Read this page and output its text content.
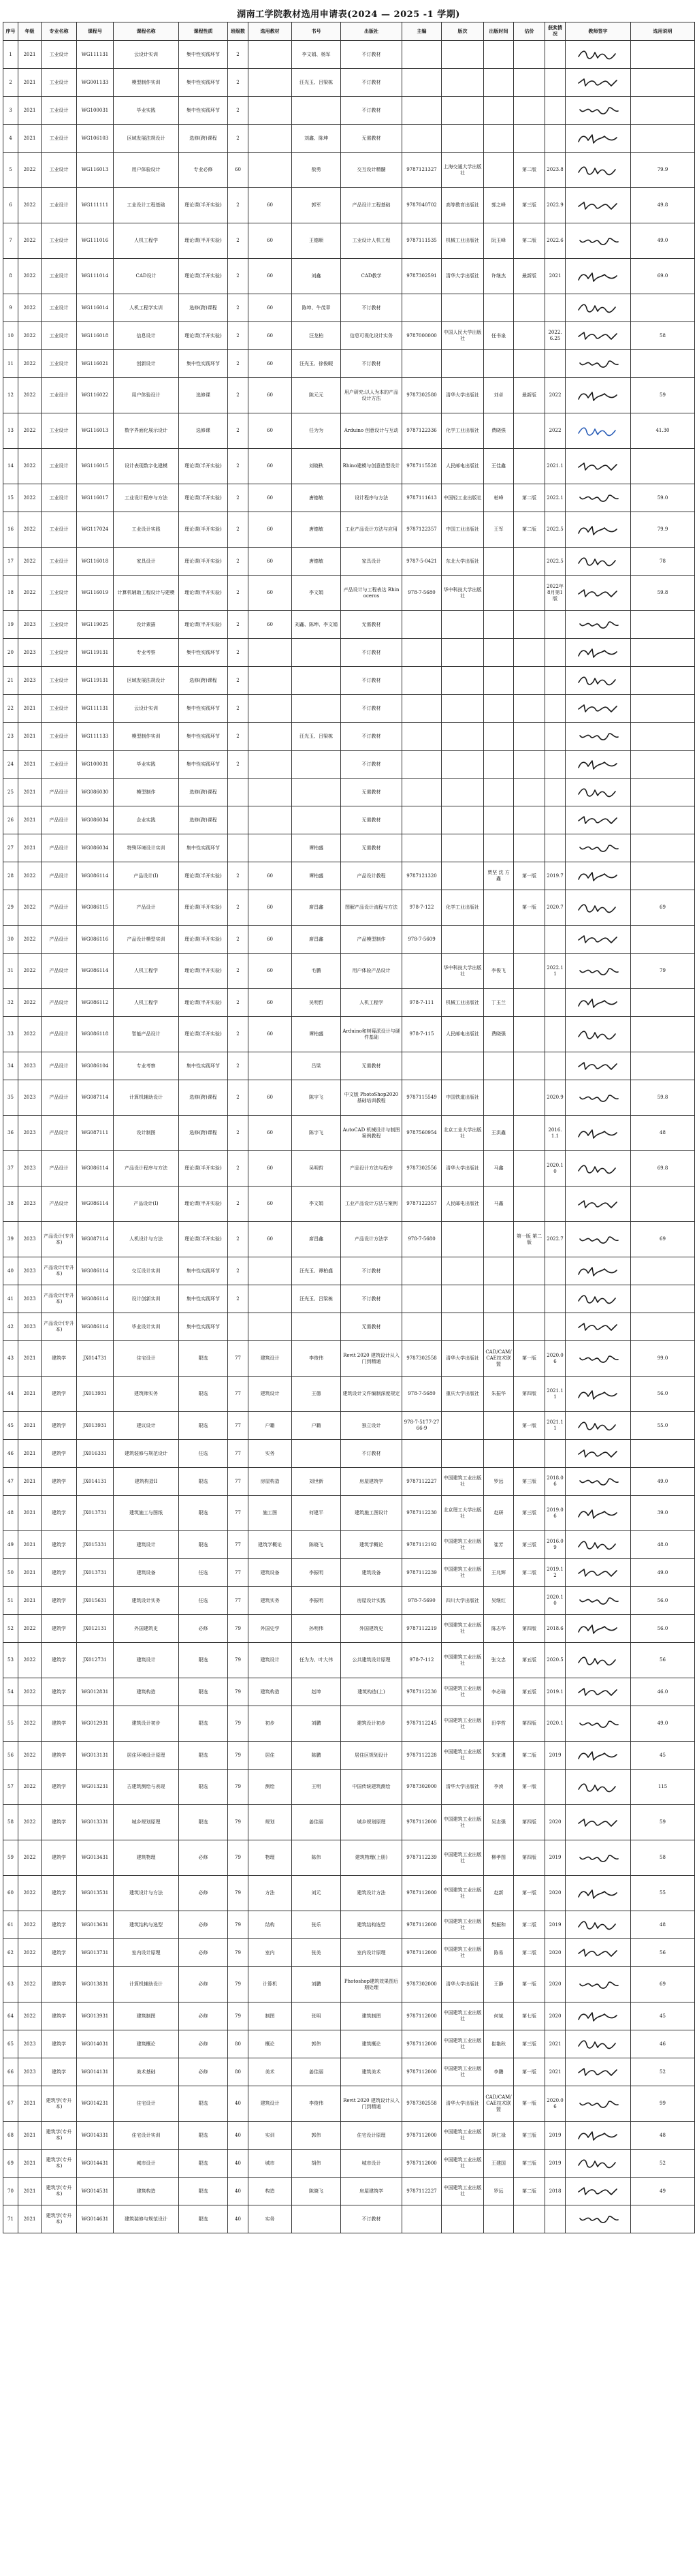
湖南工学院教材选用申请表(2024 — 2025 -1 学期)
序号	年级	专业名称	课程号	课程名称	课程性质	班级数	选用教材	书号	出版社	主编	版次	出版时间	估价	获奖情况	教师签字	选用说明
1	2021	工业设计	WG111131	云设计实训	集中性实践环节	2		李文娟、杨军	不订教材						

2	2021	工业设计	WG001133	模型制作实训	集中性实践环节	2		汪光玉、吕梁栋	不订教材						

3	2021	工业设计	WG100031	毕业实践	集中性实践环节	2			不订教材						

4	2021	工业设计	WG106103	区域发展法规设计	选修(跨)课程	2		刘鑫、陈坤	无需教材						

5	2022	工业设计	WG116013	用户体验设计	专业必修	60		敖勇	交互设计精髓	9787121327	上海交通大学出版社		第二版	2023.8		79.9
6	2022	工业设计	WG111111	工业设计工程基础	理论课(半开实验)	2	60	郭军	产品设计工程基础	9787040702	高等教育出版社	郭之峰	第三版	2022.9		49.8
7	2022	工业设计	WG111016	人机工程学	理论课(半开实验)	2	60	王德顺	工业设计人机工程	9787111535	机械工业出版社	阮玉峰	第二版	2022.6		49.0
8	2022	工业设计	WG111014	CAD设计	理论课(半开实验)	2	60	刘鑫	CAD教学	9787302591	清华大学出版社	许继杰	最新版	2021		69.0
9	2022	工业设计	WG116014	人机工程学实训	选修(跨)课程	2	60	陈坤、牛茂章	不订教材						

10	2022	工业设计	WG116018	信息设计	理论课(半开实验)	2	60	汪龙柏	信息可视化设计实务	9787000000	中国人民大学出版社	任书泉		2022.6.25		58
11	2022	工业设计	WG116021	创新设计	集中性实践环节	2	60	汪光玉、徐俊暇	不订教材						

12	2022	工业设计	WG116022	用户体验设计	选修课	2	60	陈元元	用户研究:以人为本的产品设计方法	9787302580	清华大学出版社	刘卓	最新版	2022		59
13	2022	工业设计	WG116013	数字界面化展示设计	选修课	2	60	任为为	Arduino 创意设计与互动	9787122336	化学工业出版社	费晓强		2022		41.30
14	2022	工业设计	WG116015	设计表现数字化建模	理论课(半开实验)	2	60	刘晓秋	Rhino建模与创意造型设计	9787115528	人民邮电出版社	王佳鑫		2021.1	

15	2022	工业设计	WG116017	工业设计程序与方法	理论课(半开实验)	2	60	唐德敏	设计程序与方法	9787111613	中国轻工业出版社	柏峰	第二版	2022.1		59.0
16	2022	工业设计	WG117024	工业设计实践	理论课(半开实验)	2	60	唐德敏	工业产品设计方法与应用	9787122357	中国工业出版社	王军	第二版	2022.5		79.9
17	2022	工业设计	WG116018	家具设计	理论课(半开实验)	2	60	唐德敏	家具设计	9787-5-0421	东北大学出版社			2022.5		78
18	2022	工业设计	WG116019	计算机辅助工程设计与建模	理论课(半开实验)	2	60	李文娟	产品设计与工程表达 Rhinoceros	978-7-5680	华中科技大学出版社			2022年8月第1版		59.8
19	2023	工业设计	WG119025	设计素描	理论课(半开实验)	2	60	刘鑫、陈坤、李文娟	无需教材						

20	2023	工业设计	WG119131	专业考察	集中性实践环节	2			不订教材						

21	2023	工业设计	WG119131	区域发展法规设计	选修(跨)课程	2			不订教材						

22	2021	工业设计	WG111131	云设计实训	集中性实践环节	2			不订教材						

23	2021	工业设计	WG111133	模型制作实训	集中性实践环节	2		汪光玉、吕梁栋	不订教材						

24	2021	工业设计	WG100031	毕业实践	集中性实践环节	2			不订教材						

25	2021	产品设计	WG086030	模型制作	选修(跨)课程				无需教材						

26	2021	产品设计	WG086034	企业实践	选修(跨)课程				无需教材						

27	2021	产品设计	WG086034	特殊环境设计实训	集中性实践环节			谭柏盛	无需教材						

28	2022	产品设计	WG086114	产品设计(I)	理论课(半开实验)	2	60	谭柏盛	产品设计教程	9787121320		贾坚 沈 方鑫	第一版	2019.7	

29	2022	产品设计	WG086115	产品设计	理论课(半开实验)	2	60	席昌鑫	图解产品设计流程与方法	978-7-122	化学工业出版社		第一版	2020.7		69
30	2022	产品设计	WG086116	产品设计模型实训	理论课(半开实验)	2	60	席昌鑫	产品模型制作	978-7-5609					

31	2022	产品设计	WG086114	人机工程学	理论课(半开实验)	2	60	毛鹏	用户体验产品设计		华中科技大学出版社	李俊飞		2022.11		79
32	2022	产品设计	WG086112	人机工程学	理论课(半开实验)	2	60	吴明哲	人机工程学	978-7-111	机械工业出版社	丁玉兰			

33	2022	产品设计	WG086118	智能产品设计	理论课(半开实验)	2	60	谭柏盛	Arduino和树莓派设计与硬件基础	978-7-115	人民邮电出版社	费晓强			

34	2023	产品设计	WG086104	专业考察	集中性实践环节	2		吕梁	无需教材						

35	2023	产品设计	WG087114	计算机辅助设计	选修(跨)课程	2	60	陈宇飞	中文版 PhotoShop2020基础培训教程	9787115549	中国铁道出版社			2020.9		59.8
36	2023	产品设计	WG087111	设计制图	选修(跨)课程	2	60	陈宇飞	AutoCAD 机械设计与制图案例教程	9787560954	北京工业大学出版社	王洪鑫		2016.1.1		48
37	2023	产品设计	WG086114	产品设计程序与方法	理论课(半开实验)	2	60	吴明哲	产品设计方法与程序	9787302556	清华大学出版社	马鑫		2020.10		69.8
38	2023	产品设计	WG086114	产品设计(I)	理论课(半开实验)	2	60	李文娟	工业产品设计方法与案例	9787122357	人民邮电出版社	马鑫			

39	2023	产品设计(专升本)	WG087114	人机设计与方法	理论课(半开实验)	2	60	席昌鑫	产品设计方法学	978-7-5680			第一版 第二版	2022.7		69
40	2023	产品设计(专升本)	WG086114	交互设计实训	集中性实践环节	2		汪光玉、谭柏盛	不订教材						

41	2023	产品设计(专升本)	WG086114	设计创新实训	集中性实践环节	2		汪光玉、吕梁栋	不订教材						

42	2023	产品设计(专升本)	WG086114	毕业设计实训	集中性实践环节				无需教材						

43	2021	建筑学	JX014731	住宅设计	限选	77	建筑设计	李俊伟	Revit 2020 建筑设计从入门到精通	9787302558	清华大学出版社	CAD/CAM/CAE技术联盟	第一版	2020.06		99.0
44	2021	建筑学	JX013931	建筑师实务	限选	77	建筑设计	王德	建筑设计文件编制深度规定	978-7-5680	重庆大学出版社	朱振华	第四版	2021.11		56.0
45	2021	建筑学	JX013931	建议设计	限选	77	户籍	户籍	独立设计	978-7-5177-2766-9			第一版	2021.11		55.0
46	2021	建筑学	JX016331	建筑装修与规范设计	任选	77	实务		不订教材						

47	2021	建筑学	JX014131	建筑构造II	限选	77	房屋构造	刘世新	房屋建筑学	9787112227	中国建筑工业出版社	罗远	第三版	2018.06		49.0
48	2021	建筑学	JX013731	建筑施工与图纸	限选	77	施工图	何建平	建筑施工图设计	9787112230	北京理工大学出版社	赵研	第三版	2019.06		39.0
49	2021	建筑学	JX015331	建筑设计	限选	77	建筑学概论	陈晓飞	建筑学概论	9787112192	中国建筑工业出版社	崔芳	第三版	2016.09		48.0
50	2021	建筑学	JX013731	建筑设备	任选	77	建筑设备	李振明	建筑设备	9787112239	中国建筑工业出版社	王兆辉	第二版	2019.12		49.0
51	2021	建筑学	JX015631	建筑设计实务	任选	77	建筑实务	李振明	房屋设计实践	978-7-5690	四川大学出版社	吴继红		2020.10		56.0
52	2022	建筑学	JX012131	外国建筑史	必修	79	外国史学	孙明伟	外国建筑史	9787112219	中国建筑工业出版社	陈志华	第四版	2018.6		56.0
53	2022	建筑学	JX012731	建筑设计	限选	79	建筑设计	任为为、叶大伟	公共建筑设计原理	978-7-112	中国建筑工业出版社	张文忠	第五版	2020.5		56
54	2022	建筑学	WG012831	建筑构造	限选	79	建筑构造	赵坤	建筑构造(上)	9787112230	中国建筑工业出版社	李必瑜	第五版	2019.1		46.0
55	2022	建筑学	WG012931	建筑设计初步	限选	79	初步	刘鹏	建筑设计初步	9787112245	中国建筑工业出版社	田学哲	第四版	2020.1		49.0
56	2022	建筑学	WG013131	居住环境设计原理	限选	79	居住	陈鹏	居住区规划设计	9787112228	中国建筑工业出版社	朱家瑾	第二版	2019		45
57	2022	建筑学	WG013231	古建筑测绘与表现	限选	79	测绘	王明	中国传统建筑测绘	9787302000	清华大学出版社	李浈	第一版			115
58	2022	建筑学	WG013331	城乡规划原理	限选	79	规划	姜佳丽	城乡规划原理	9787112000	中国建筑工业出版社	吴志强	第四版	2020		59
59	2022	建筑学	WG013431	建筑物理	必修	79	物理	陈伟	建筑物理(上册)	9787112239	中国建筑工业出版社	柳孝图	第四版	2019		58
60	2022	建筑学	WG013531	建筑设计与方法	必修	79	方法	刘元	建筑设计方法	9787112000	中国建筑工业出版社	赵新	第一版	2020		55
61	2022	建筑学	WG013631	建筑结构与选型	必修	79	结构	张乐	建筑结构选型	9787112000	中国建筑工业出版社	樊振和	第二版	2019		48
62	2022	建筑学	WG013731	室内设计原理	必修	79	室内	张美	室内设计原理	9787112000	中国建筑工业出版社	陈易	第二版	2020		56
63	2022	建筑学	WG013831	计算机辅助设计	必修	79	计算机	刘鹏	Photoshop建筑效果图后期处理	9787302000	清华大学出版社	王静	第一版	2020		69
64	2022	建筑学	WG013931	建筑制图	必修	79	制图	张明	建筑制图	9787112000	中国建筑工业出版社	何斌	第七版	2020		45
65	2023	建筑学	WG014031	建筑概论	必修	80	概论	郭伟	建筑概论	9787112000	中国建筑工业出版社	崔艳秋	第三版	2021		46
66	2023	建筑学	WG014131	美术基础	必修	80	美术	姜佳丽	建筑美术	9787112000	中国建筑工业出版社	李鹏	第一版	2021		52
67	2021	建筑学(专升本)	WG014231	住宅设计	限选	40	建筑设计	李俊伟	Revit 2020 建筑设计从入门到精通	9787302558	清华大学出版社	CAD/CAM/CAE技术联盟	第一版	2020.06		99
68	2021	建筑学(专升本)	WG014331	住宅设计实训	限选	40	实训	郭伟	住宅设计原理	9787112000	中国建筑工业出版社	胡仁禄	第三版	2019		48
69	2021	建筑学(专升本)	WG014431	城市设计	限选	40	城市	胡伟	城市设计	9787112000	中国建筑工业出版社	王建国	第三版	2019		52
70	2021	建筑学(专升本)	WG014531	建筑构造	限选	40	构造	陈晓飞	房屋建筑学	9787112227	中国建筑工业出版社	罗远	第二版	2018		49
71	2021	建筑学(专升本)	WG014631	建筑装修与规范设计	限选	40	实务		不订教材						
